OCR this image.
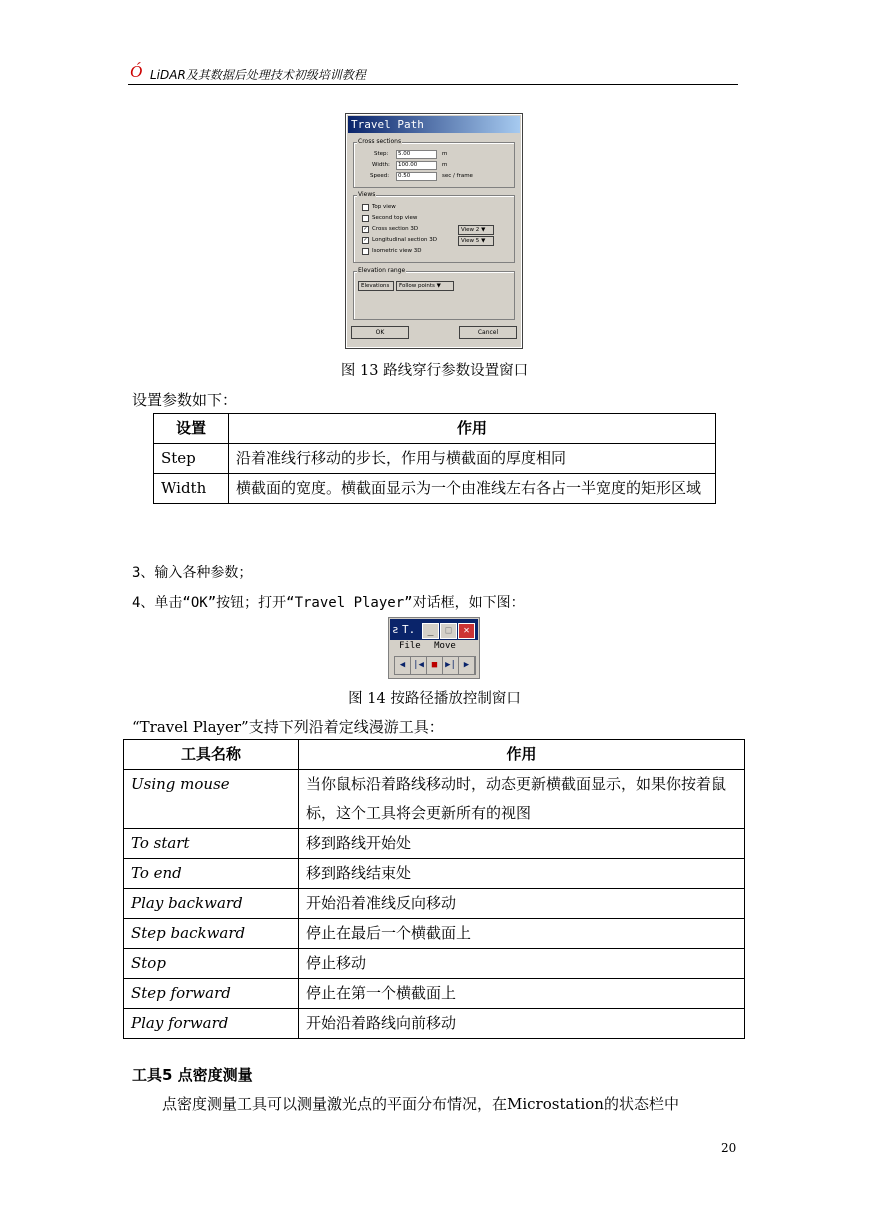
Ó LiDAR及其数据后处理技术初级培训教程
Travel Path
Cross sections
Step:	5.00	m
Width:	100.00	m
Speed:	0.50	sec / frame
Views
Top view
Second top view
✓ Cross section 3D	View 2 ▼
✓ Longitudinal section 3D	View 5 ▼
Isometric view 3D
Elevation range
Elevations	Follow points ▼
OK	Cancel
图 13 路线穿行参数设置窗口
设置参数如下：
设置	作用
Step	沿着准线行移动的步长，作用与横截面的厚度相同
Width	横截面的宽度。横截面显示为一个由准线左右各占一半宽度的矩形区域
3、输入各种参数；
4、单击“OK”按钮；打开“Travel Player”对话框，如下图：
ƨ T.	_	□	✕
File Move
◀ |◀ ■ ▶| ▶
图 14 按路径播放控制窗口
“Travel Player”支持下列沿着定线漫游工具：
工具名称	作用
Using mouse	当你鼠标沿着路线移动时，动态更新横截面显示，如果你按着鼠标，这个工具将会更新所有的视图
To start	移到路线开始处
To end	移到路线结束处
Play backward	开始沿着准线反向移动
Step backward	停止在最后一个横截面上
Stop	停止移动
Step forward	停止在第一个横截面上
Play forward	开始沿着路线向前移动
工具5 点密度测量
点密度测量工具可以测量激光点的平面分布情况，在Microstation的状态栏中
20
